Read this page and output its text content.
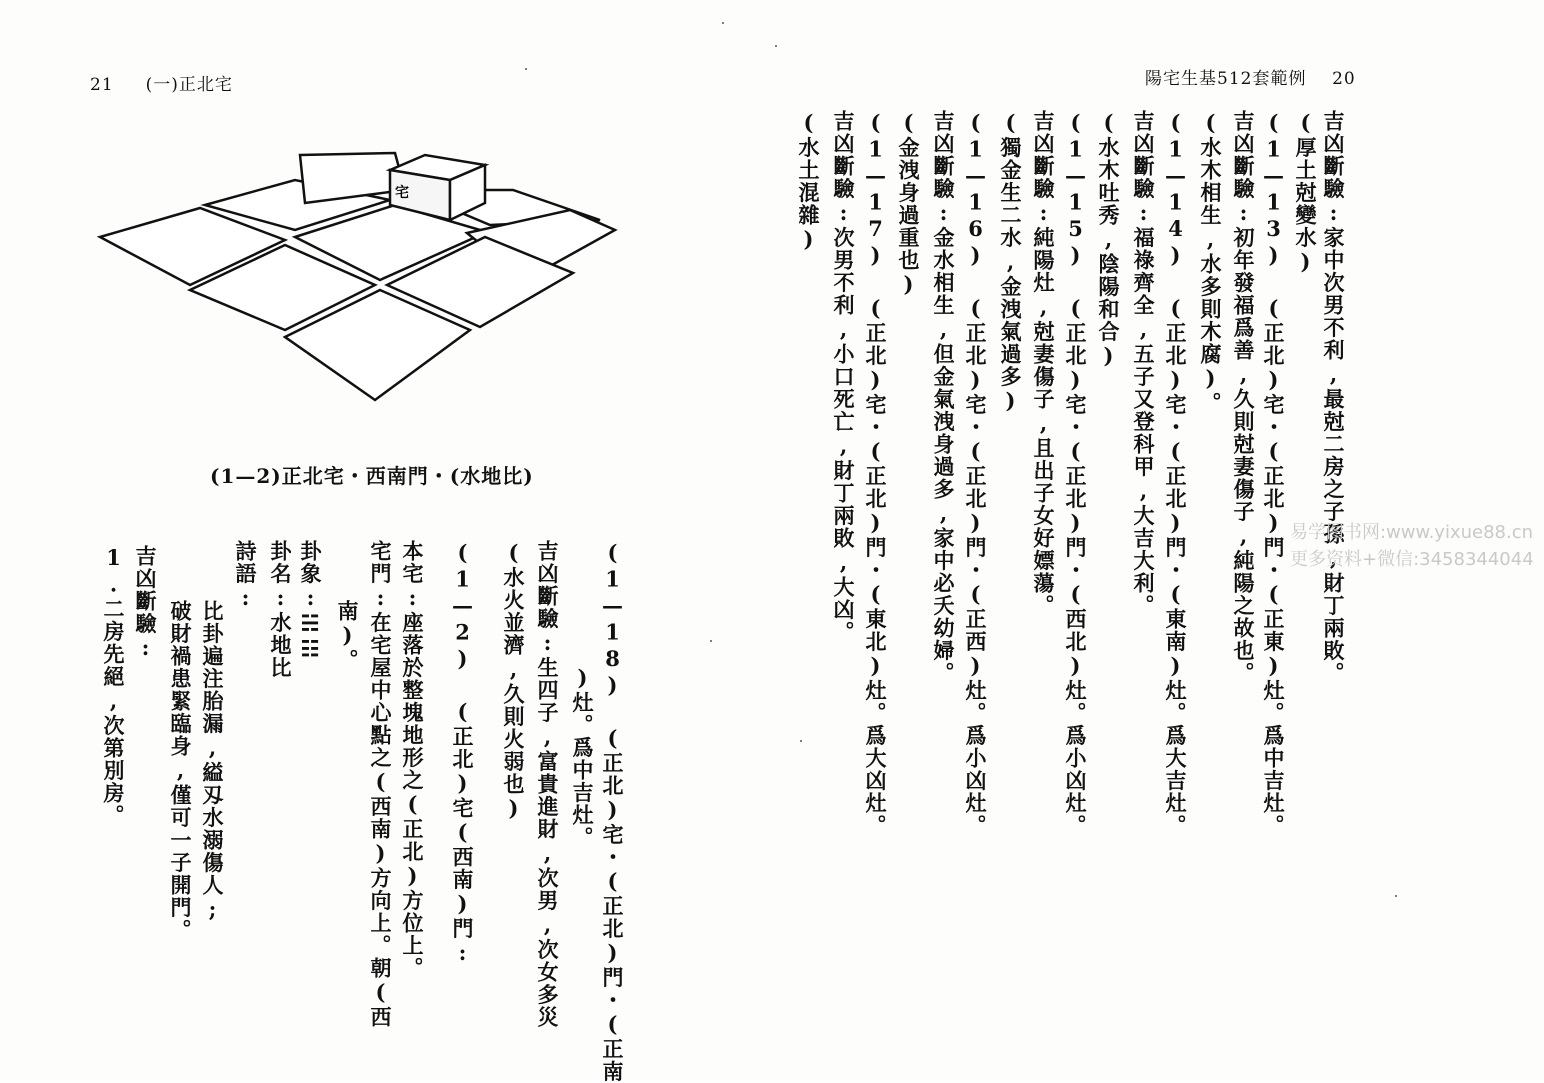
21 (一)正北宅
宅
(1—2)正北宅・西南門・(水地比)
(1—18) (正北)宅・(正北)門・(正南
)灶。爲中吉灶。
吉凶斷驗:生四子,富貴進財,次男,次女多災
(水火並濟,久則火弱也)
(1—2) (正北)宅(西南)門:
本宅:座落於整塊地形之(正北)方位上。
宅門:在宅屋中心點之(西南)方向上。朝(西
南)。
卦象:☵☷
卦名:水地比
詩語:
比卦遍注胎漏,縊刄水溺傷人;
破財禍患緊臨身,僅可一子開門。
吉凶斷驗:
1.二房先絕,次第別房。
陽宅生基512套範例 20
吉凶斷驗:家中次男不利,最尅二房之子孫,財丁兩敗。
(厚土尅變水)
(1—13) (正北)宅・(正北)門・(正東)灶。爲中吉灶。
吉凶斷驗:初年發福爲善,久則尅妻傷子,純陽之故也。
(水木相生,水多則木腐)。
(1—14) (正北)宅・(正北)門・(東南)灶。爲大吉灶。
吉凶斷驗:福祿齊全,五子又登科甲,大吉大利。
(水木吐秀,陰陽和合)
(1—15) (正北)宅・(正北)門・(西北)灶。爲小凶灶。
吉凶斷驗:純陽灶,尅妻傷子,且出子女好嫖蕩。
(獨金生二水,金洩氣過多)
(1—16) (正北)宅・(正北)門・(正西)灶。爲小凶灶。
吉凶斷驗:金水相生,但金氣洩身過多,家中必夭幼婦。
(金洩身過重也)
(1—17) (正北)宅・(正北)門・(東北)灶。爲大凶灶。
吉凶斷驗:次男不利,小口死亡,財丁兩敗,大凶。
(水土混雜)
易学图书网:www.yixue88.cn
更多资料+微信:3458344044
